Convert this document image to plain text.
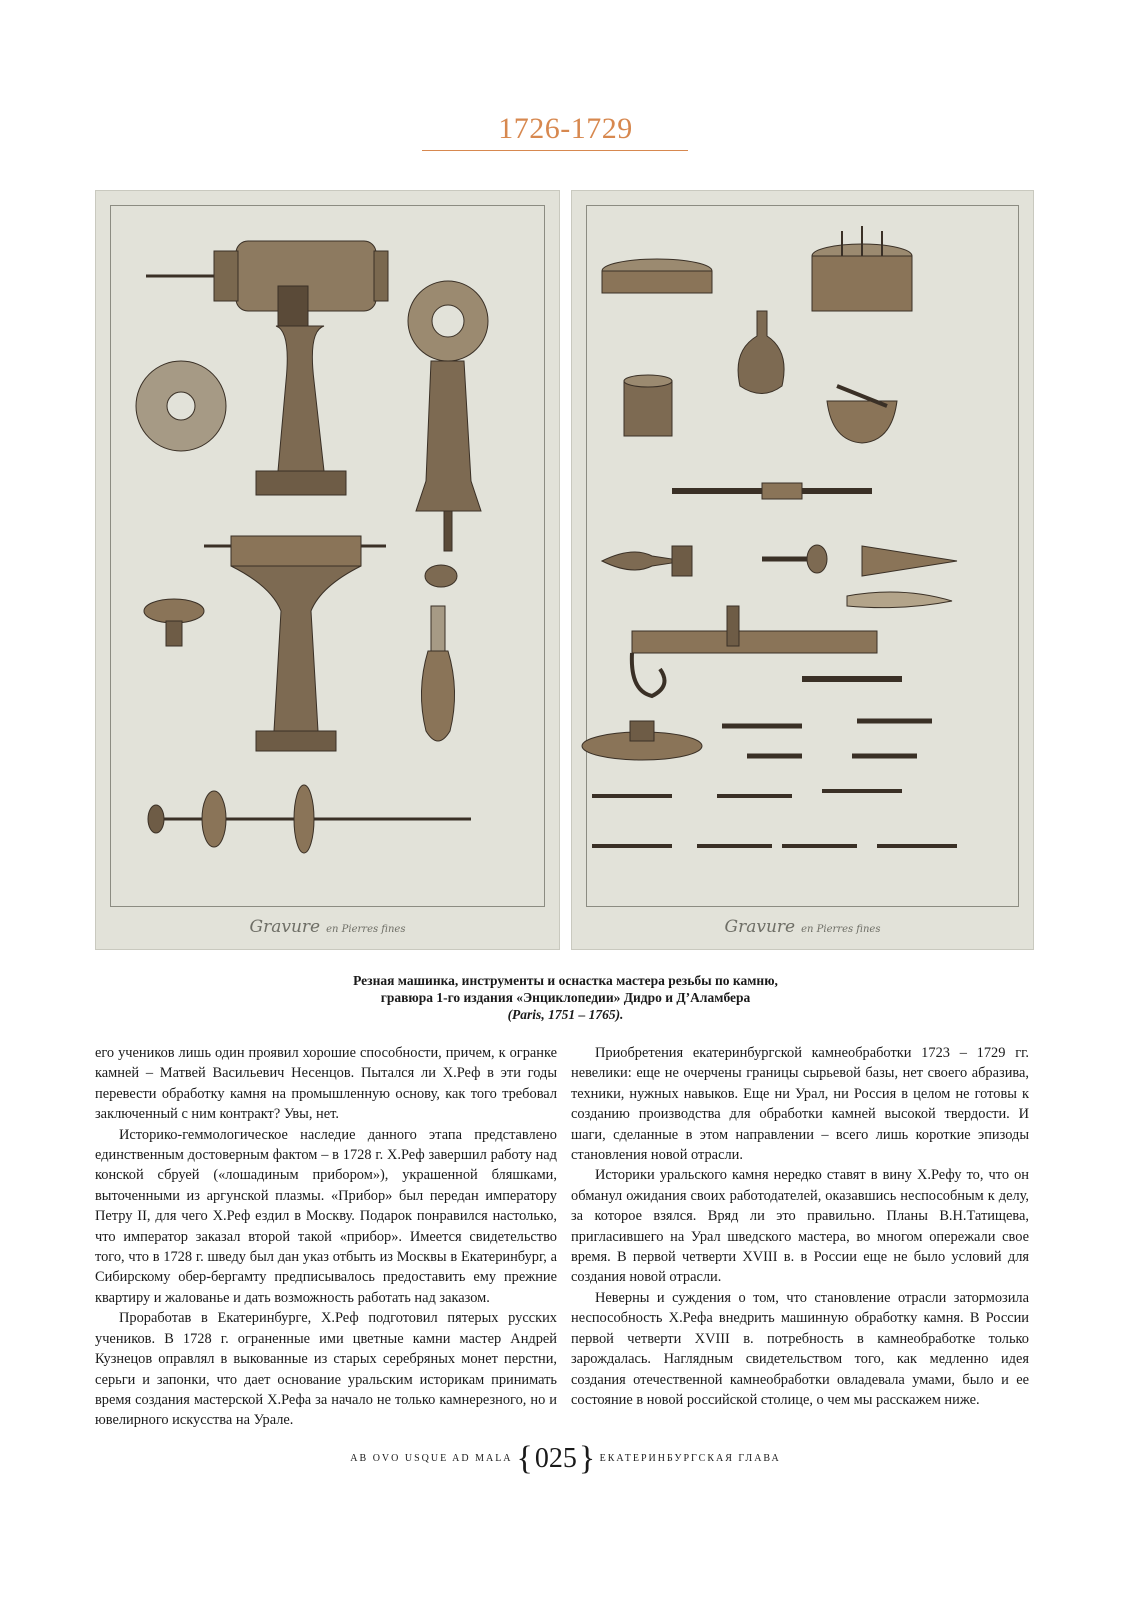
1726-1729
Gravure en Pierres fines	Gravure en Pierres fines
Резная машинка, инструменты и оснастка мастера резьбы по камню,
гравюра 1-го издания «Энциклопедии» Дидро и Д’Аламбера
(Paris, 1751 – 1765).

его учеников лишь один проявил хорошие способности, причем, к огранке камней – Матвей Васильевич Несенцов. Пытался ли Х.Реф в эти годы перевести обработку камня на промышленную основу, как того требовал заключенный с ним контракт? Увы, нет.

Историко-геммологическое наследие данного этапа представлено единственным достоверным фактом – в 1728 г. Х.Реф завершил работу над конской сбруей («лошадиным прибором»), украшенной бляшками, выточенными из аргунской плазмы. «Прибор» был передан императору Петру II, для чего Х.Реф ездил в Москву. Подарок понравился настолько, что император заказал второй такой «прибор». Имеется свидетельство того, что в 1728 г. шведу был дан указ отбыть из Москвы в Екатеринбург, а Сибирскому обер-бергамту предписывалось предоставить ему прежние квартиру и жалованье и дать возможность работать над заказом.

Проработав в Екатеринбурге, Х.Реф подготовил пятерых русских учеников. В 1728 г. ограненные ими цветные камни мастер Андрей Кузнецов оправлял в выкованные из старых серебряных монет перстни, серьги и запонки, что дает основание уральским историкам принимать время создания мастерской Х.Рефа за начало не только камнерезного, но и ювелирного искусства на Урале.

Приобретения екатеринбургской камнеобработки 1723 – 1729 гг. невелики: еще не очерчены границы сырьевой базы, нет своего абразива, техники, нужных навыков. Еще ни Урал, ни Россия в целом не готовы к созданию производства для обработки камней высокой твердости. И шаги, сделанные в этом направлении – всего лишь короткие эпизоды становления новой отрасли.

Историки уральского камня нередко ставят в вину Х.Рефу то, что он обманул ожидания своих работодателей, оказавшись неспособным к делу, за которое взялся. Вряд ли это правильно. Планы В.Н.Татищева, пригласившего на Урал шведского мастера, во многом опережали свое время. В первой четверти XVIII в. в России еще не было условий для создания новой отрасли.

Неверны и суждения о том, что становление отрасли затормозила неспособность Х.Рефа внедрить машинную обработку камня. В России первой четверти XVIII в. потребность в камнеобработке только зарождалась. Наглядным свидетельством того, как медленно идея создания отечественной камнеобработки овладевала умами, было и ее состояние в новой российской столице, о чем мы расскажем ниже.

AB OVO USQUE AD MALA {025} ЕКАТЕРИНБУРГСКАЯ ГЛАВА
